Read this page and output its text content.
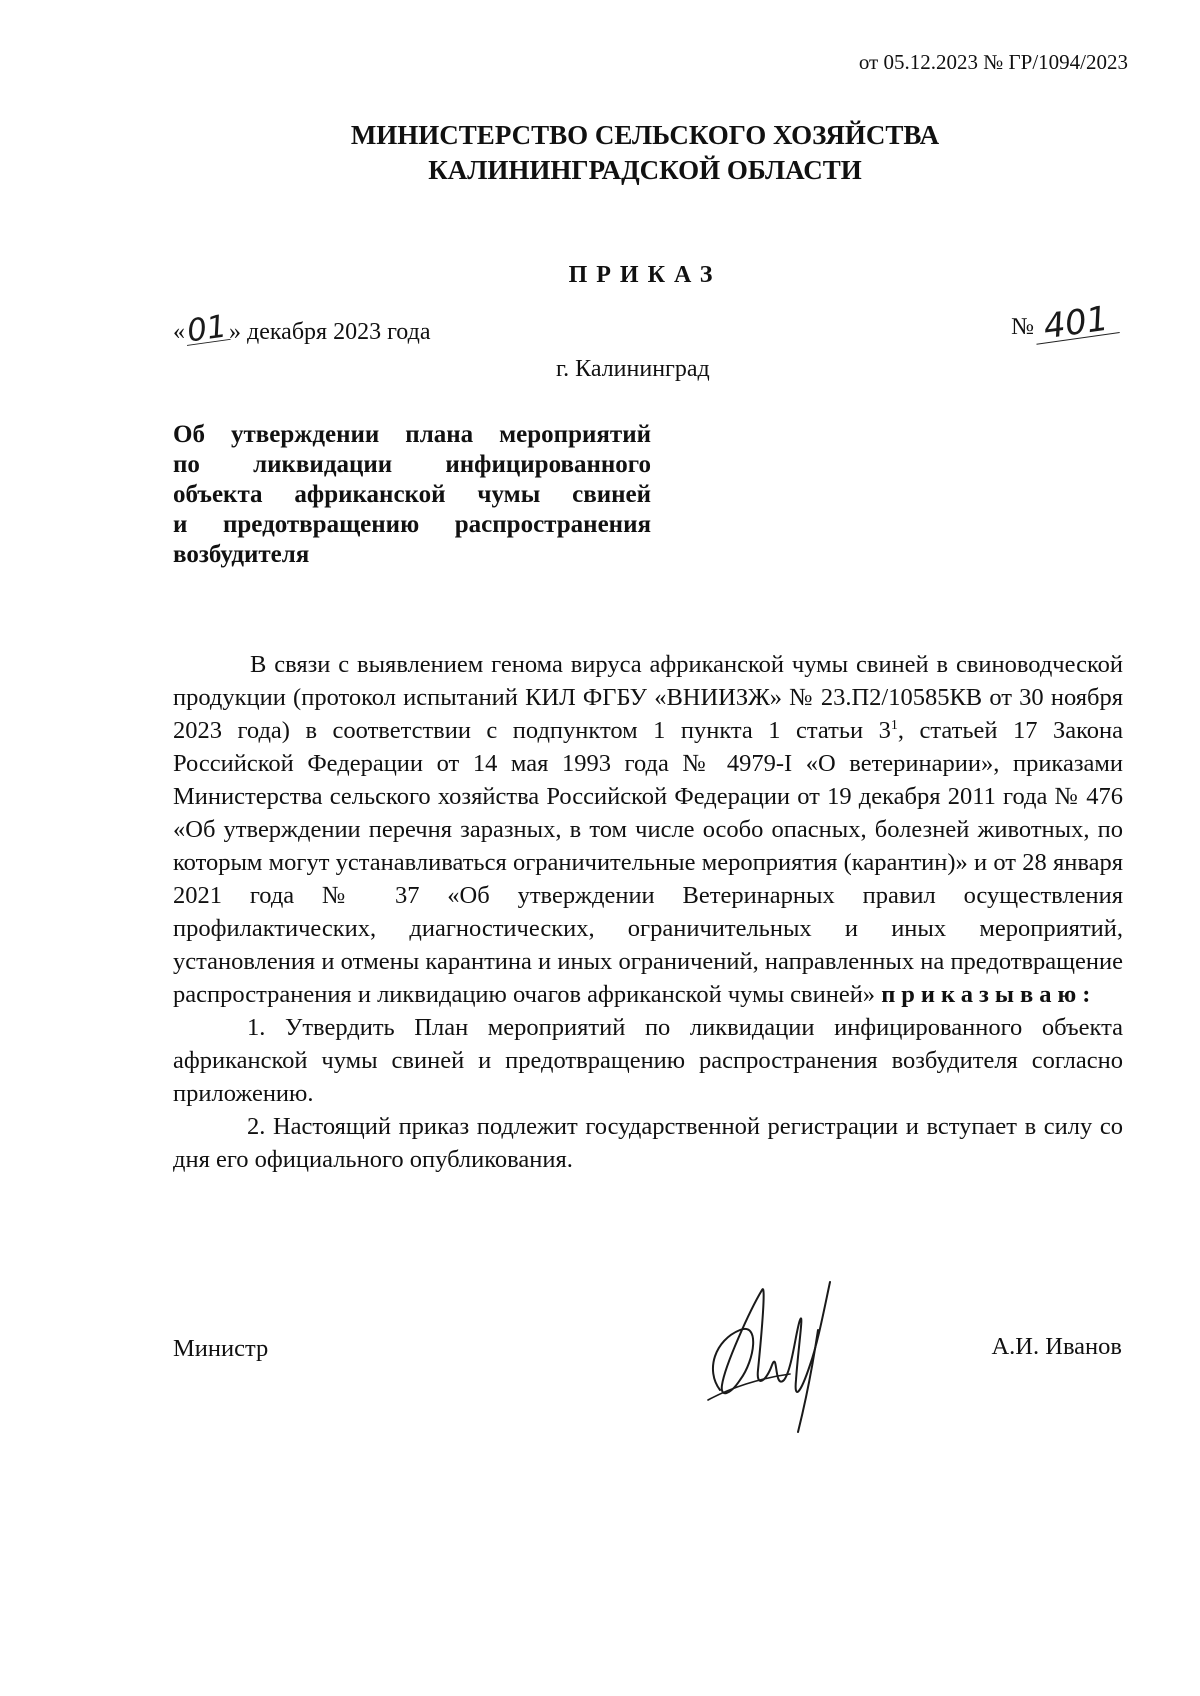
от 05.12.2023 № ГР/1094/2023
МИНИСТЕРСТВО СЕЛЬСКОГО ХОЗЯЙСТВА
КАЛИНИНГРАДСКОЙ ОБЛАСТИ
ПРИКАЗ
«01» декабря 2023 года	№ 401
г. Калининград
Об утверждении плана мероприятий
по ликвидации инфицированного
объекта африканской чумы свиней
и предотвращению распространения
возбудителя

В связи с выявлением генома вируса африканской чумы свиней в свиноводческой продукции (протокол испытаний КИЛ ФГБУ «ВНИИЗЖ» № 23.П2/10585КВ от 30 ноября 2023 года) в соответствии с подпунктом 1 пункта 1 статьи $3^1$, статьей 17 Закона Российской Федерации от 14 мая 1993 года № 4979-I «О ветеринарии», приказами Министерства сельского хозяйства Российской Федерации от 19 декабря 2011 года № 476 «Об утверждении перечня заразных, в том числе особо опасных, болезней животных, по которым могут устанавливаться ограничительные мероприятия (карантин)» и от 28 января 2021 года № 37 «Об утверждении Ветеринарных правил осуществления профилактических, диагностических, ограничительных и иных мероприятий, установления и отмены карантина и иных ограничений, направленных на предотвращение распространения и ликвидацию очагов африканской чумы свиней» приказываю:

1. Утвердить План мероприятий по ликвидации инфицированного объекта африканской чумы свиней и предотвращению распространения возбудителя согласно приложению.

2. Настоящий приказ подлежит государственной регистрации и вступает в силу со дня его официального опубликования.

Министр	А.И. Иванов
